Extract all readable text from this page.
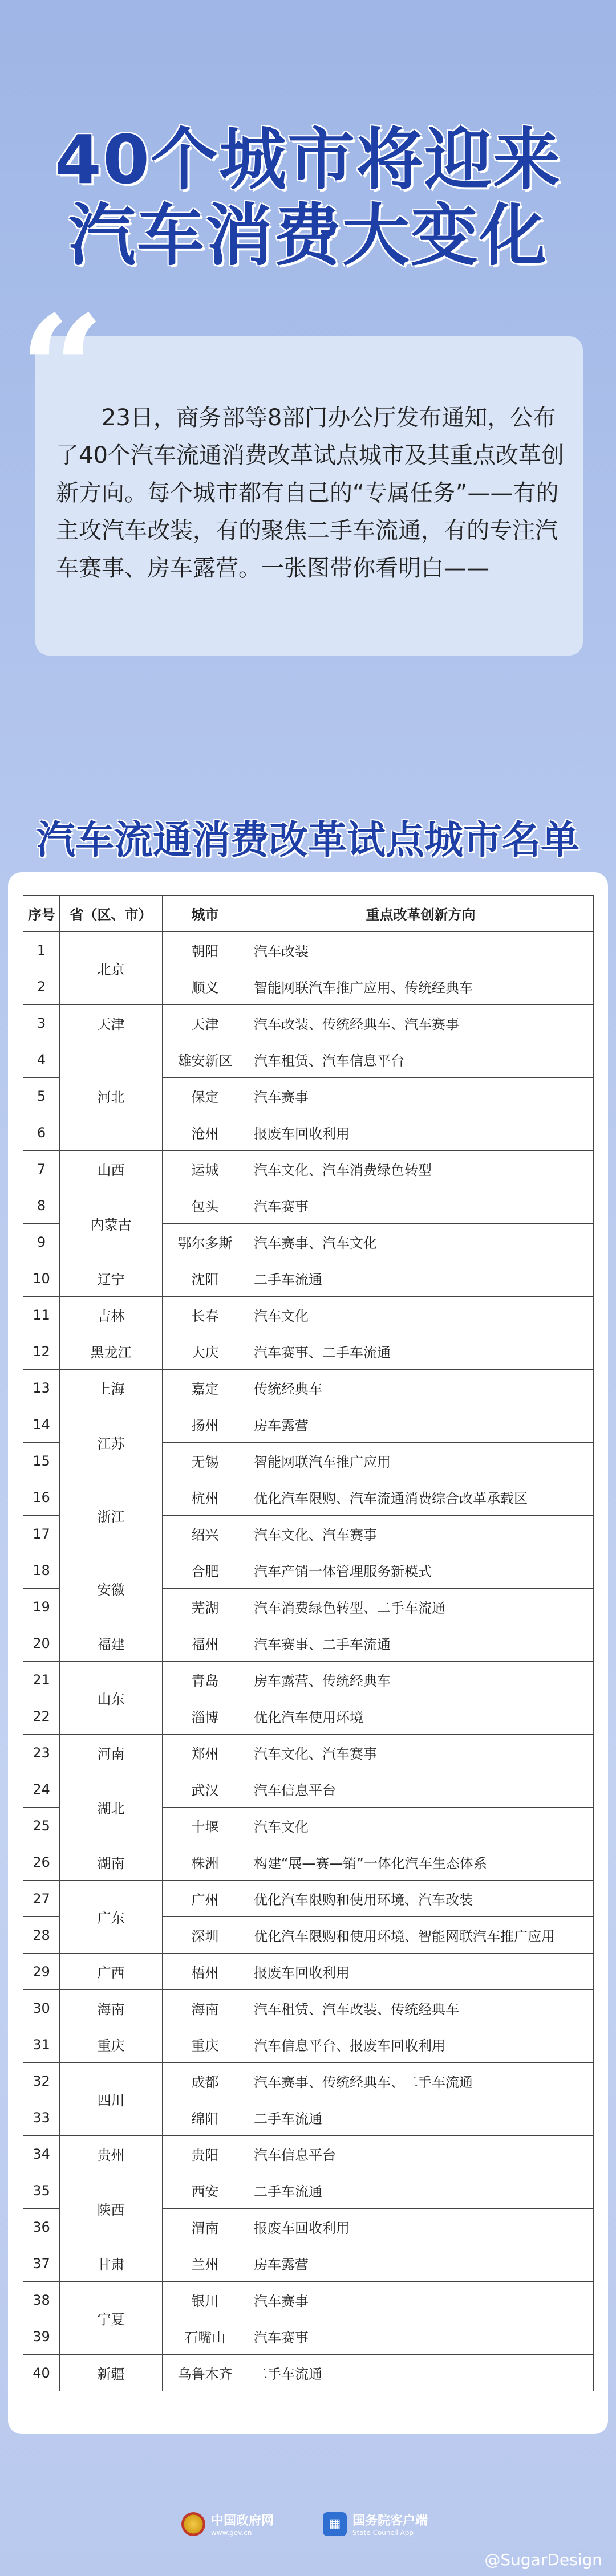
40个城市将迎来
汽车消费大变化
“
　　23日，商务部等8部门办公厅发布通知，公布了40个汽车流通消费改革试点城市及其重点改革创新方向。每个城市都有自己的“专属任务”——有的主攻汽车改装，有的聚焦二手车流通，有的专注汽车赛事、房车露营。一张图带你看明白——
汽车流通消费改革试点城市名单
序号	省（区、市）	城市	重点改革创新方向
1	北京	朝阳	汽车改装
2		顺义	智能网联汽车推广应用、传统经典车
3	天津	天津	汽车改装、传统经典车、汽车赛事
4	河北	雄安新区	汽车租赁、汽车信息平台
5		保定	汽车赛事
6		沧州	报废车回收利用
7	山西	运城	汽车文化、汽车消费绿色转型
8	内蒙古	包头	汽车赛事
9		鄂尔多斯	汽车赛事、汽车文化
10	辽宁	沈阳	二手车流通
11	吉林	长春	汽车文化
12	黑龙江	大庆	汽车赛事、二手车流通
13	上海	嘉定	传统经典车
14	江苏	扬州	房车露营
15		无锡	智能网联汽车推广应用
16	浙江	杭州	优化汽车限购、汽车流通消费综合改革承载区
17		绍兴	汽车文化、汽车赛事
18	安徽	合肥	汽车产销一体管理服务新模式
19		芜湖	汽车消费绿色转型、二手车流通
20	福建	福州	汽车赛事、二手车流通
21	山东	青岛	房车露营、传统经典车
22		淄博	优化汽车使用环境
23	河南	郑州	汽车文化、汽车赛事
24	湖北	武汉	汽车信息平台
25		十堰	汽车文化
26	湖南	株洲	构建“展—赛—销”一体化汽车生态体系
27	广东	广州	优化汽车限购和使用环境、汽车改装
28		深圳	优化汽车限购和使用环境、智能网联汽车推广应用
29	广西	梧州	报废车回收利用
30	海南	海南	汽车租赁、汽车改装、传统经典车
31	重庆	重庆	汽车信息平台、报废车回收利用
32	四川	成都	汽车赛事、传统经典车、二手车流通
33		绵阳	二手车流通
34	贵州	贵阳	汽车信息平台
35	陕西	西安	二手车流通
36		渭南	报废车回收利用
37	甘肃	兰州	房车露营
38	宁夏	银川	汽车赛事
39		石嘴山	汽车赛事
40	新疆	乌鲁木齐	二手车流通
中国政府网
www.gov.cn
▦ 国务院客户端
State Council App
@SugarDesign
